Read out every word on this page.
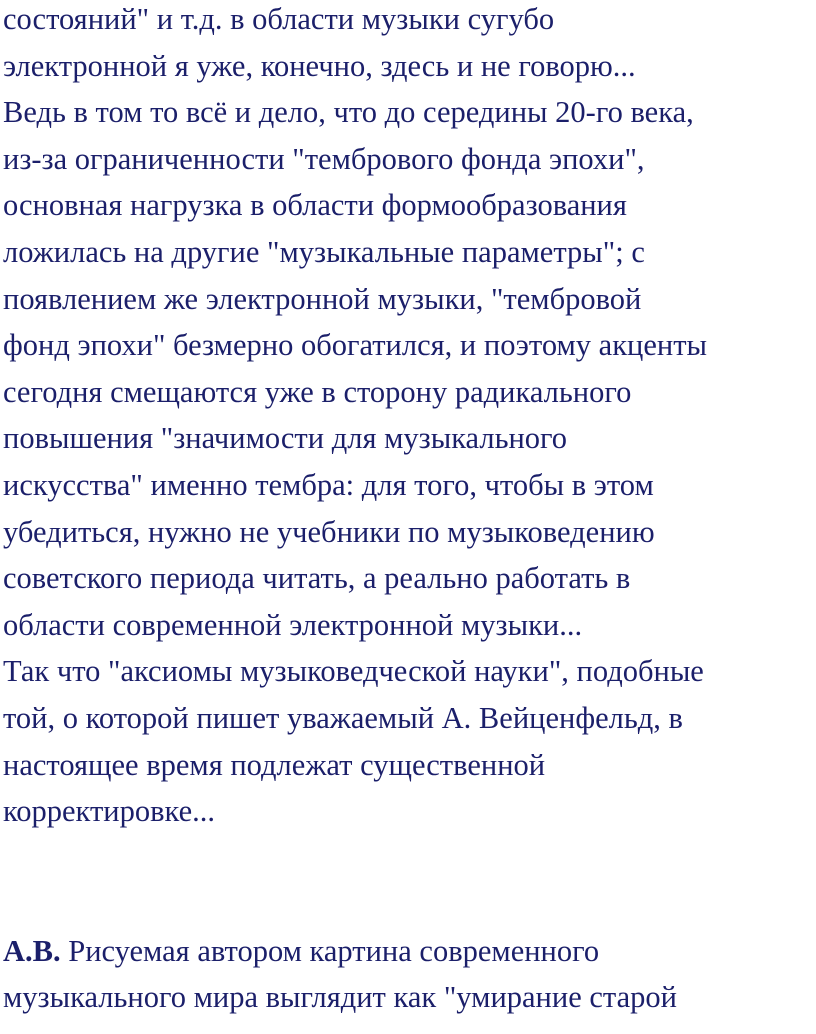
состояний" и т.д. в области музыки сугубо
электронной я уже, конечно, здесь и не говорю...
Ведь в том то всё и дело, что до середины 20-го века,
из-за ограниченности "тембрового фонда эпохи",
основная нагрузка в области формообразования
ложилась на другие "музыкальные параметры"; с
появлением же электронной музыки, "тембровой
фонд эпохи" безмерно обогатился, и поэтому акценты
сегодня смещаются уже в сторону радикального
повышения "значимости для музыкального
искусства" именно тембра: для того, чтобы в этом
убедиться, нужно не учебники по музыковедению
советского периода читать, а реально работать в
области современной электронной музыки...
Так что "аксиомы музыковедческой науки", подобные
той, о которой пишет уважаемый А. Вейценфельд, в
настоящее время подлежат существенной
корректировке...
А.В. Рисуемая автором картина современного
музыкального мира выглядит как "умирание старой
